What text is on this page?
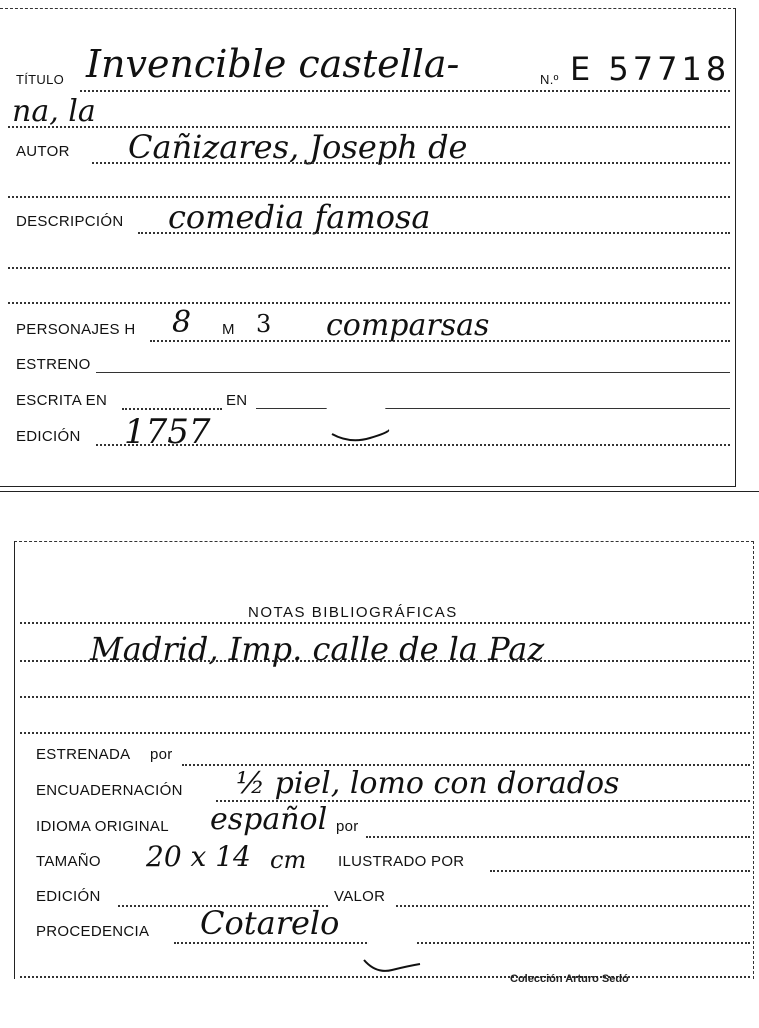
TÍTULO Invencible castella-	N.º E 57718
na, la
AUTOR Cañizares, Joseph de
DESCRIPCIÓN comedia famosa
PERSONAJES H 8 M 3 comparsas
ESTRENO
ESCRITA EN	EN
EDICIÓN 1757
NOTAS BIBLIOGRÁFICAS
Madrid, Imp. calle de la Paz
ESTRENADA por
ENCUADERNACIÓN ½ piel, lomo con dorados
IDIOMA ORIGINAL español por
TAMAÑO 20 x 14 cm ILUSTRADO POR
EDICIÓN	VALOR
PROCEDENCIA Cotarelo
Colección Arturo Sedó
